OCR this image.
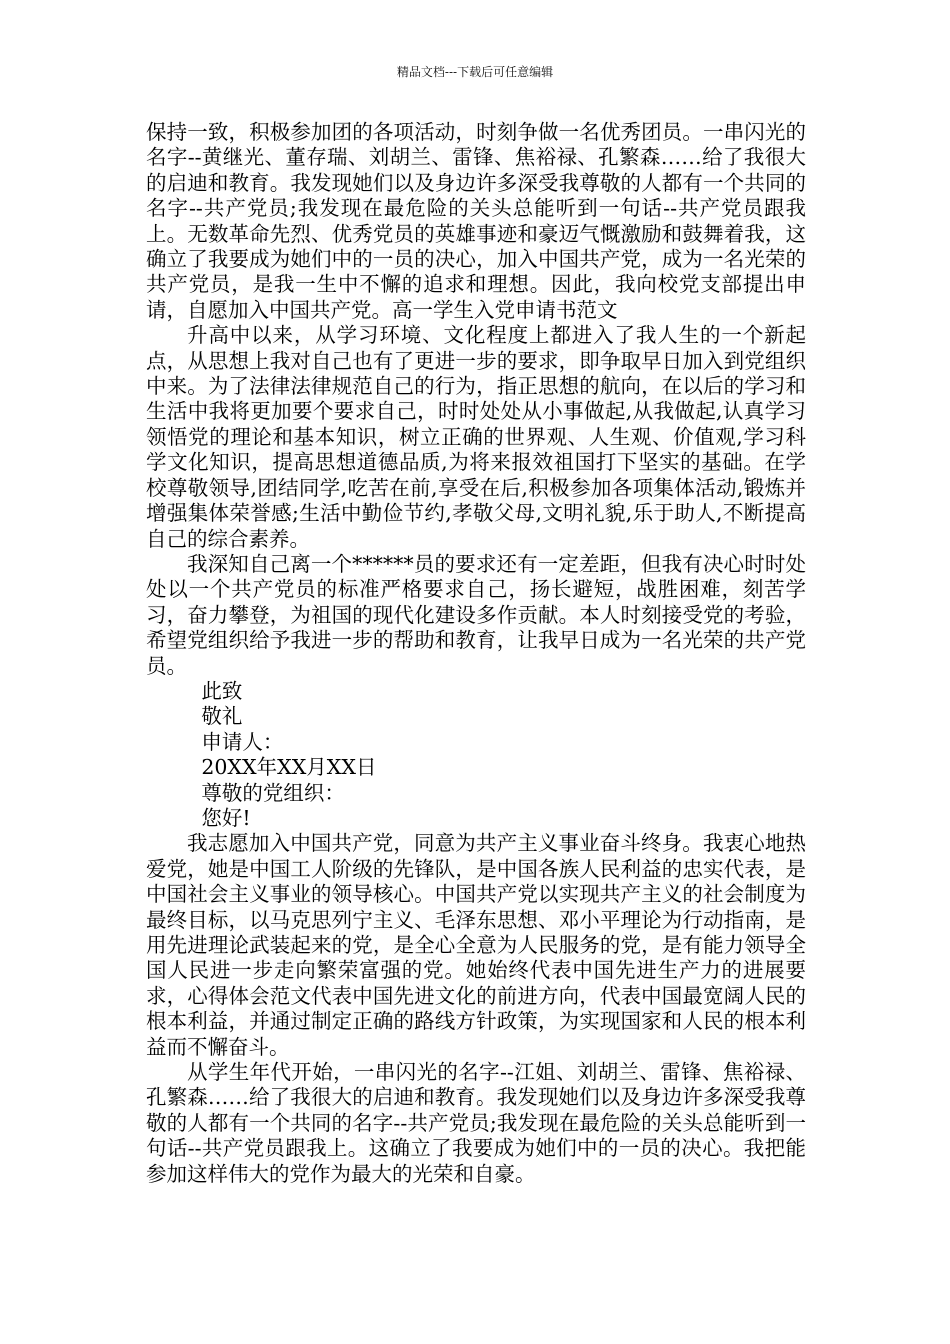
精品文档---下载后可任意编辑

保持一致，积极参加团的各项活动，时刻争做一名优秀团员。一串闪光的名字--黄继光、董存瑞、刘胡兰、雷锋、焦裕禄、孔繁森……给了我很大的启迪和教育。我发现她们以及身边许多深受我尊敬的人都有一个共同的名字--共产党员;我发现在最危险的关头总能听到一句话--共产党员跟我上。无数革命先烈、优秀党员的英雄事迹和豪迈气慨激励和鼓舞着我，这确立了我要成为她们中的一员的决心，加入中国共产党，成为一名光荣的共产党员，是我一生中不懈的追求和理想。因此，我向校党支部提出申请，自愿加入中国共产党。高一学生入党申请书范文

升高中以来，从学习环境、文化程度上都进入了我人生的一个新起点，从思想上我对自己也有了更进一步的要求，即争取早日加入到党组织中来。为了法律法律规范自己的行为，指正思想的航向，在以后的学习和生活中我将更加要个要求自己，时时处处从小事做起,从我做起,认真学习领悟党的理论和基本知识，树立正确的世界观、人生观、价值观,学习科学文化知识，提高思想道德品质,为将来报效祖国打下坚实的基础。在学校尊敬领导,团结同学,吃苦在前,享受在后,积极参加各项集体活动,锻炼并增强集体荣誉感;生活中勤俭节约,孝敬父母,文明礼貌,乐于助人,不断提高自己的综合素养。

我深知自己离一个******员的要求还有一定差距，但我有决心时时处处以一个共产党员的标准严格要求自己，扬长避短，战胜困难，刻苦学习，奋力攀登，为祖国的现代化建设多作贡献。本人时刻接受党的考验，希望党组织给予我进一步的帮助和教育，让我早日成为一名光荣的共产党员。

此致

敬礼

申请人：

20XX年XX月XX日

尊敬的党组织：

您好!

我志愿加入中国共产党，同意为共产主义事业奋斗终身。我衷心地热爱党，她是中国工人阶级的先锋队，是中国各族人民利益的忠实代表，是中国社会主义事业的领导核心。中国共产党以实现共产主义的社会制度为最终目标，以马克思列宁主义、毛泽东思想、邓小平理论为行动指南，是用先进理论武装起来的党，是全心全意为人民服务的党，是有能力领导全国人民进一步走向繁荣富强的党。她始终代表中国先进生产力的进展要求，心得体会范文代表中国先进文化的前进方向，代表中国最宽阔人民的根本利益，并通过制定正确的路线方针政策，为实现国家和人民的根本利益而不懈奋斗。

从学生年代开始，一串闪光的名字--江姐、刘胡兰、雷锋、焦裕禄、孔繁森……给了我很大的启迪和教育。我发现她们以及身边许多深受我尊敬的人都有一个共同的名字--共产党员;我发现在最危险的关头总能听到一句话--共产党员跟我上。这确立了我要成为她们中的一员的决心。我把能参加这样伟大的党作为最大的光荣和自豪。
